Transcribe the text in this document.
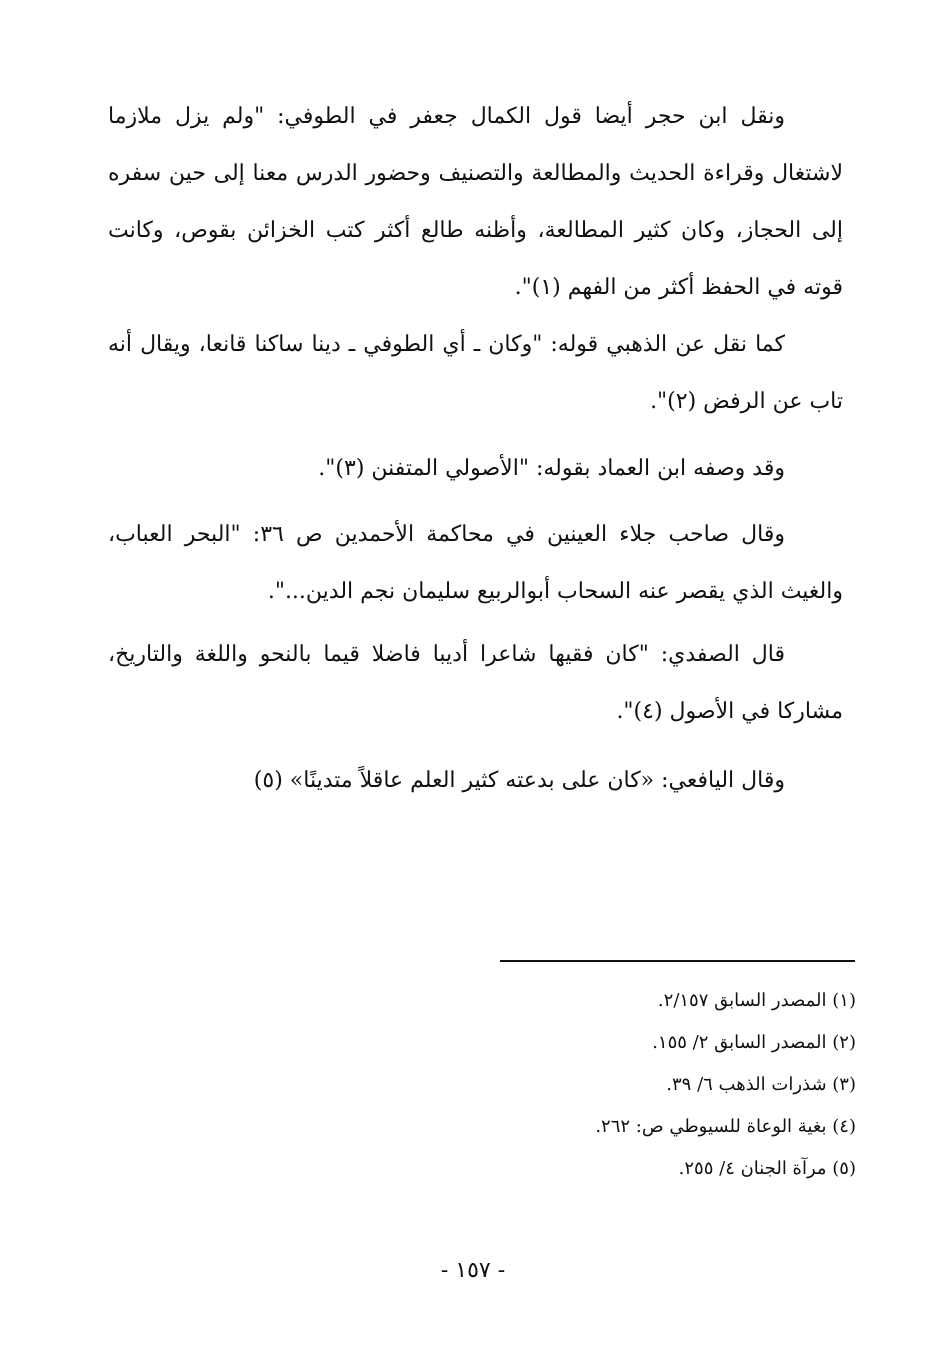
ونقل ابن حجر أيضا قول الكمال جعفر في الطوفي: "ولم يزل ملازما لاشتغال وقراءة الحديث والمطالعة والتصنيف وحضور الدرس معنا إلى حين سفره إلى الحجاز، وكان كثير المطالعة، وأظنه طالع أكثر كتب الخزائن بقوص، وكانت قوته في الحفظ أكثر من الفهم (١)".

كما نقل عن الذهبي قوله: "وكان ـ أي الطوفي ـ دينا ساكنا قانعا، ويقال أنه تاب عن الرفض (٢)".

وقد وصفه ابن العماد بقوله: "الأصولي المتفنن (٣)".

وقال صاحب جلاء العينين في محاكمة الأحمدين ص ٣٦: "البحر العباب، والغيث الذي يقصر عنه السحاب أبوالربيع سليمان نجم الدين...".

قال الصفدي: "كان فقيها شاعرا أديبا فاضلا قيما بالنحو واللغة والتاريخ، مشاركا في الأصول (٤)".

وقال اليافعي: «كان على بدعته كثير العلم عاقلاً متدينًا» (٥)

(١) المصدر السابق ٢/١٥٧.
(٢) المصدر السابق ٢/ ١٥٥.
(٣) شذرات الذهب ٦/ ٣٩.
(٤) بغية الوعاة للسيوطي ص: ٢٦٢.
(٥) مرآة الجنان ٤/ ٢٥٥.
- ١٥٧ -
